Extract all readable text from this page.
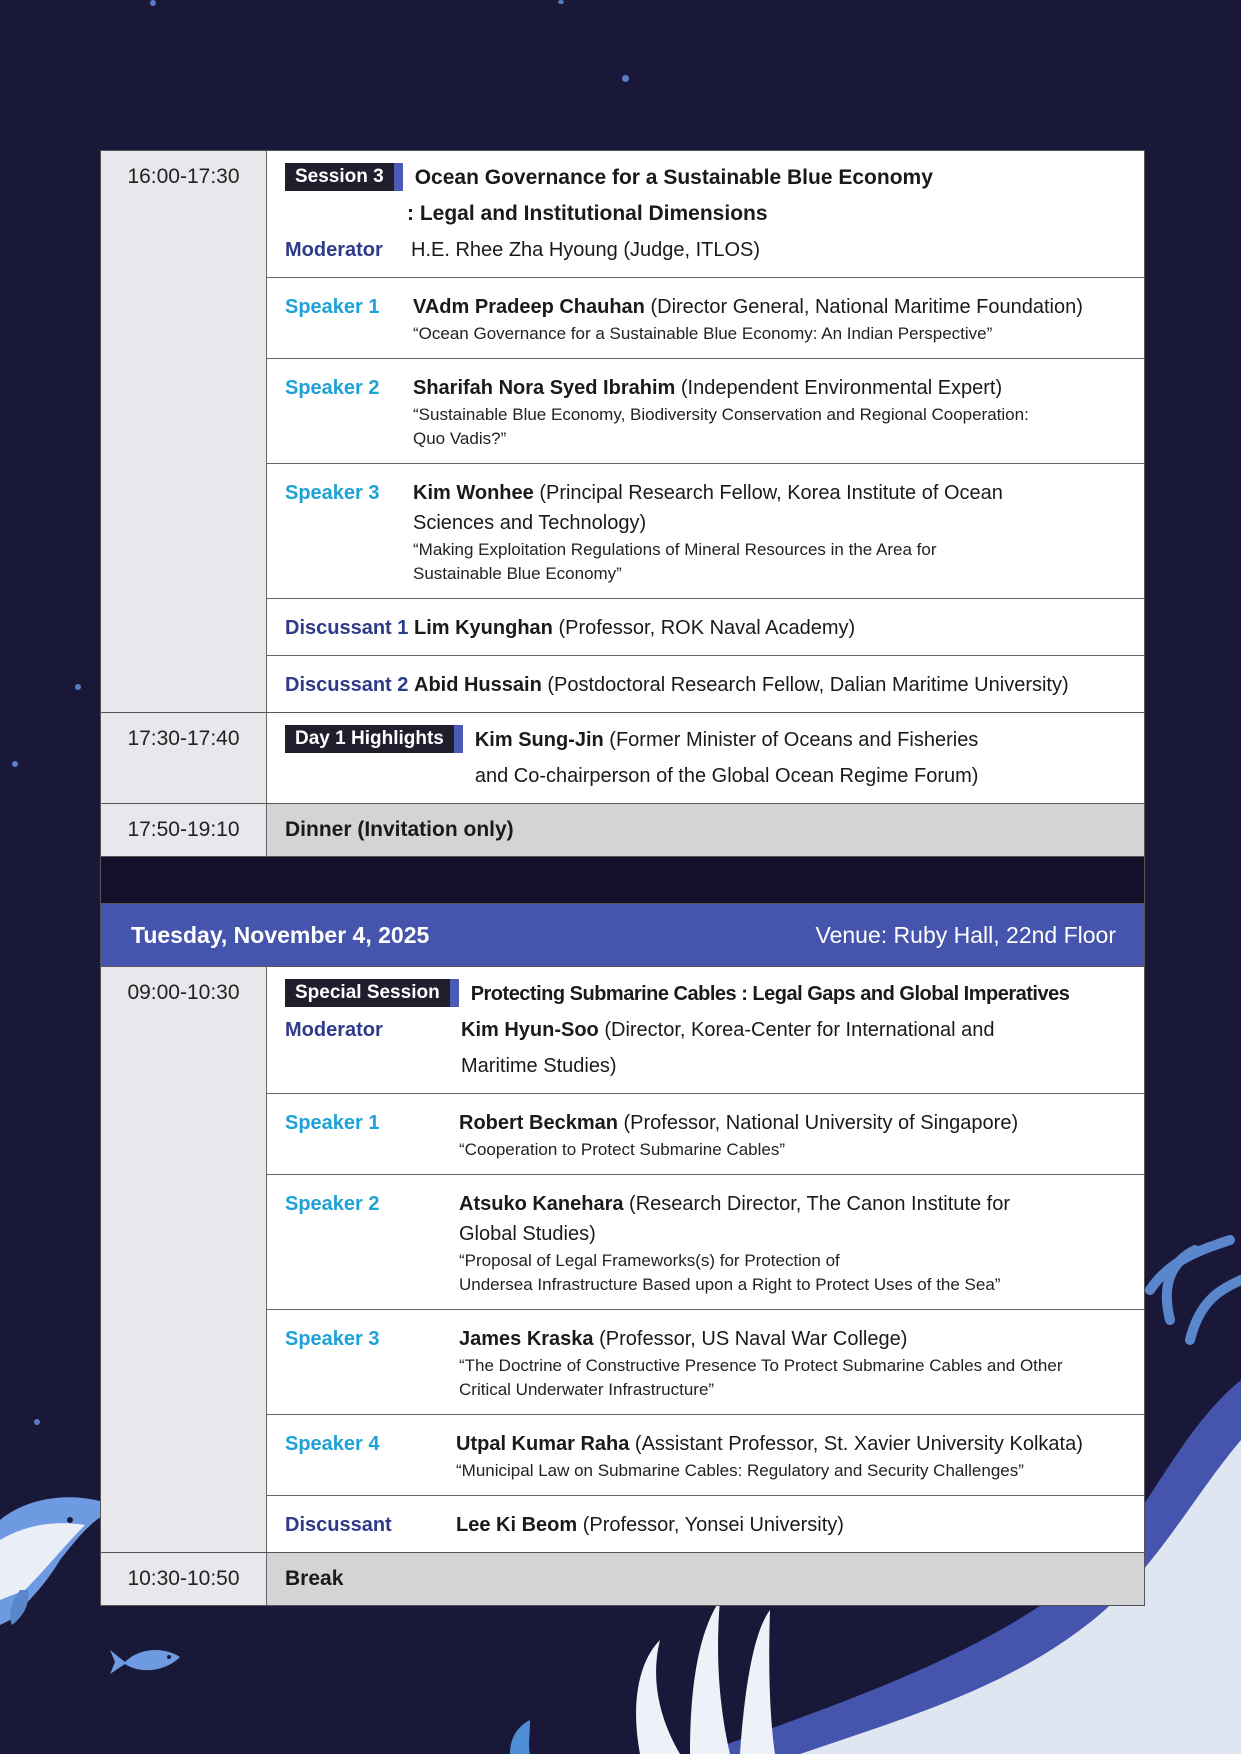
16:00-17:30	Session 3	Ocean Governance for a Sustainable Blue Economy
: Legal and Institutional Dimensions
Moderator	H.E. Rhee Zha Hyoung (Judge, ITLOS)
Speaker 1	VAdm Pradeep Chauhan (Director General, National Maritime Foundation)
“Ocean Governance for a Sustainable Blue Economy: An Indian Perspective”
Speaker 2	Sharifah Nora Syed Ibrahim (Independent Environmental Expert)
“Sustainable Blue Economy, Biodiversity Conservation and Regional Cooperation:
Quo Vadis?”
Speaker 3	Kim Wonhee (Principal Research Fellow, Korea Institute of Ocean
Sciences and Technology)
“Making Exploitation Regulations of Mineral Resources in the Area for
Sustainable Blue Economy”
Discussant 1 Lim Kyunghan (Professor, ROK Naval Academy)
Discussant 2 Abid Hussain (Postdoctoral Research Fellow, Dalian Maritime University)
17:30-17:40	Day 1 Highlights	Kim Sung-Jin (Former Minister of Oceans and Fisheries
and Co-chairperson of the Global Ocean Regime Forum)
17:50-19:10	Dinner (Invitation only)
Tuesday, November 4, 2025	Venue: Ruby Hall, 22nd Floor
09:00-10:30	Special Session	Protecting Submarine Cables : Legal Gaps and Global Imperatives
Moderator	Kim Hyun-Soo (Director, Korea-Center for International and
Maritime Studies)
Speaker 1	Robert Beckman (Professor, National University of Singapore)
“Cooperation to Protect Submarine Cables”
Speaker 2	Atsuko Kanehara (Research Director, The Canon Institute for
Global Studies)
“Proposal of Legal Frameworks(s) for Protection of
Undersea Infrastructure Based upon a Right to Protect Uses of the Sea”
Speaker 3	James Kraska (Professor, US Naval War College)
“The Doctrine of Constructive Presence To Protect Submarine Cables and Other
Critical Underwater Infrastructure”
Speaker 4	Utpal Kumar Raha (Assistant Professor, St. Xavier University Kolkata)
“Municipal Law on Submarine Cables: Regulatory and Security Challenges”
Discussant	Lee Ki Beom (Professor, Yonsei University)
10:30-10:50	Break
